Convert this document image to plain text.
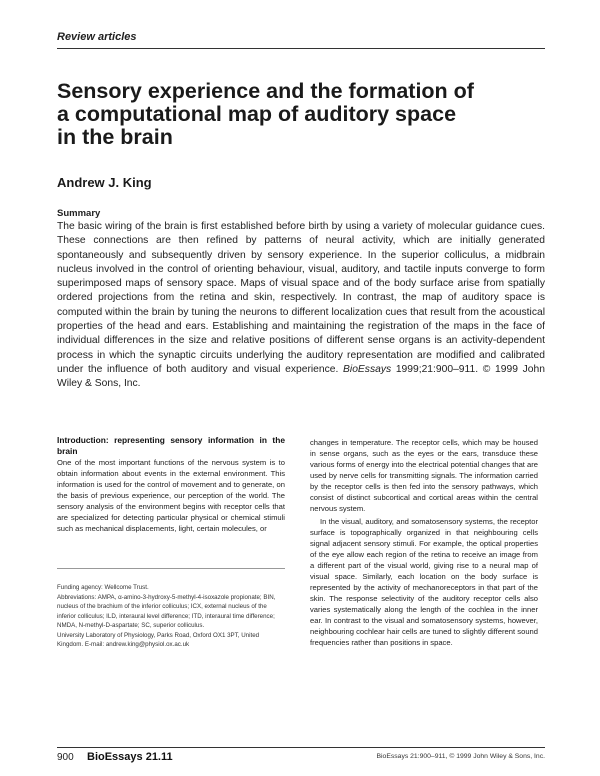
Review articles
Sensory experience and the formation of a computational map of auditory space in the brain
Andrew J. King
Summary

The basic wiring of the brain is first established before birth by using a variety of molecular guidance cues. These connections are then refined by patterns of neural activity, which are initially generated spontaneously and subsequently driven by sensory experience. In the superior colliculus, a midbrain nucleus involved in the control of orienting behaviour, visual, auditory, and tactile inputs converge to form superimposed maps of sensory space. Maps of visual space and of the body surface arise from spatially ordered projections from the retina and skin, respectively. In contrast, the map of auditory space is computed within the brain by tuning the neurons to different localization cues that result from the acoustical properties of the head and ears. Establishing and maintaining the registration of the maps in the face of individual differences in the size and relative positions of different sense organs is an activity-dependent process in which the synaptic circuits underlying the auditory representation are modified and calibrated under the influence of both auditory and visual experience. BioEssays 1999;21:900–911. © 1999 John Wiley & Sons, Inc.

Introduction: representing sensory information in the brain

One of the most important functions of the nervous system is to obtain information about events in the external environment. This information is used for the control of movement and to generate, on the basis of previous experience, our perception of the world. The sensory analysis of the environment begins with receptor cells that are specialized for detecting particular physical or chemical stimuli such as mechanical displacements, light, certain molecules, or

Funding agency: Wellcome Trust.
Abbreviations: AMPA, α-amino-3-hydroxy-5-methyl-4-isoxazole propionate; BIN, nucleus of the brachium of the inferior colliculus; ICX, external nucleus of the inferior colliculus; ILD, interaural level difference; ITD, interaural time difference; NMDA, N-methyl-D-aspartate; SC, superior colliculus.
University Laboratory of Physiology, Parks Road, Oxford OX1 3PT, United Kingdom. E-mail: andrew.king@physiol.ox.ac.uk

changes in temperature. The receptor cells, which may be housed in sense organs, such as the eyes or the ears, transduce these various forms of energy into the electrical potential changes that are used by nerve cells for transmitting signals. The information carried by the receptor cells is then fed into the sensory pathways, which consist of distinct subcortical and cortical areas within the central nervous system.

In the visual, auditory, and somatosensory systems, the receptor surface is topographically organized in that neighbouring cells signal adjacent sensory stimuli. For example, the optical properties of the eye allow each region of the retina to receive an image from a different part of the visual world, giving rise to a neural map of visual space. Similarly, each location on the body surface is represented by the activity of mechanoreceptors in that part of the skin. The response selectivity of the auditory receptor cells also varies systematically along the length of the cochlea in the inner ear. In contrast to the visual and somatosensory systems, however, neighbouring cochlear hair cells are tuned to slightly different sound frequencies rather than positions in space.

900 BioEssays 21.11	BioEssays 21:900–911, © 1999 John Wiley & Sons, Inc.
